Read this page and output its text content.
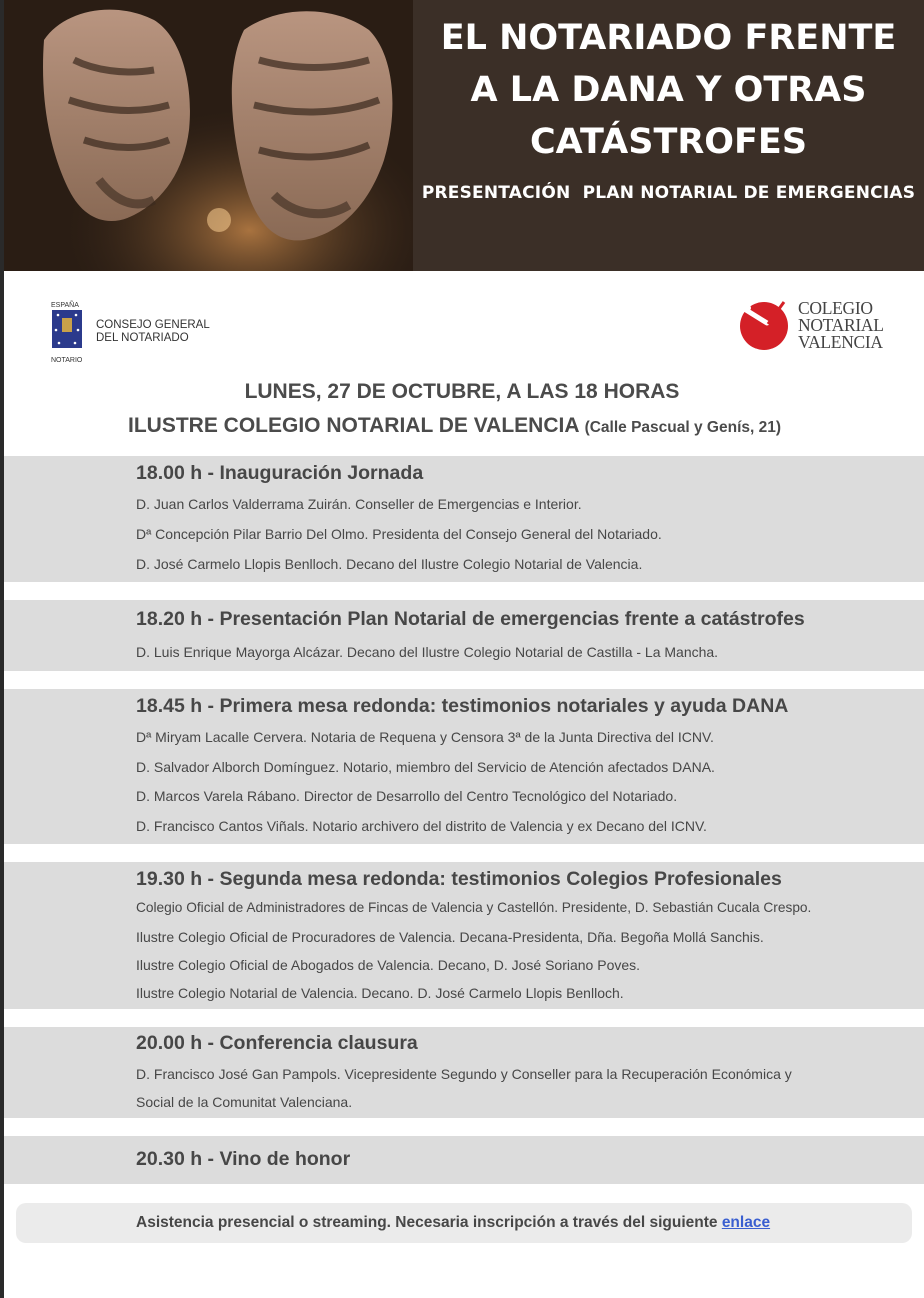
EL NOTARIADO FRENTE A LA DANA Y OTRAS CATÁSTROFES
PRESENTACIÓN  PLAN NOTARIAL DE EMERGENCIAS
ESPAÑA
NOTARIO
CONSEJO GENERAL
DEL NOTARIADO
COLEGIO
NOTARIAL
VALENCIA
LUNES, 27 DE OCTUBRE, A LAS 18 HORAS
ILUSTRE COLEGIO NOTARIAL DE VALENCIA (Calle Pascual y Genís, 21)
18.00 h - Inauguración Jornada
D. Juan Carlos Valderrama Zuirán. Conseller de Emergencias e Interior.
Dª Concepción Pilar Barrio Del Olmo. Presidenta del Consejo General del Notariado.
D. José Carmelo Llopis Benlloch. Decano del Ilustre Colegio Notarial de Valencia.
18.20 h - Presentación Plan Notarial de emergencias frente a catástrofes
D. Luis Enrique Mayorga Alcázar. Decano del Ilustre Colegio Notarial de Castilla - La Mancha.
18.45 h - Primera mesa redonda: testimonios notariales y ayuda DANA
Dª Miryam Lacalle Cervera. Notaria de Requena y Censora 3ª de la Junta Directiva del ICNV.
D. Salvador Alborch Domínguez. Notario, miembro del Servicio de Atención afectados DANA.
D. Marcos Varela Rábano. Director de Desarrollo del Centro Tecnológico del Notariado.
D. Francisco Cantos Viñals. Notario archivero del distrito de Valencia y ex Decano del ICNV.
19.30 h - Segunda mesa redonda: testimonios Colegios Profesionales
Colegio Oficial de Administradores de Fincas de Valencia y Castellón. Presidente, D. Sebastián Cucala Crespo.
Ilustre Colegio Oficial de Procuradores de Valencia. Decana-Presidenta, Dña. Begoña Mollá Sanchis.
Ilustre Colegio Oficial de Abogados de Valencia. Decano, D. José Soriano Poves.
Ilustre Colegio Notarial de Valencia. Decano. D. José Carmelo Llopis Benlloch.
20.00 h - Conferencia clausura
D. Francisco José Gan Pampols. Vicepresidente Segundo y Conseller para la Recuperación Económica y
Social de la Comunitat Valenciana.
20.30 h - Vino de honor
Asistencia presencial o streaming. Necesaria inscripción a través del siguiente enlace
